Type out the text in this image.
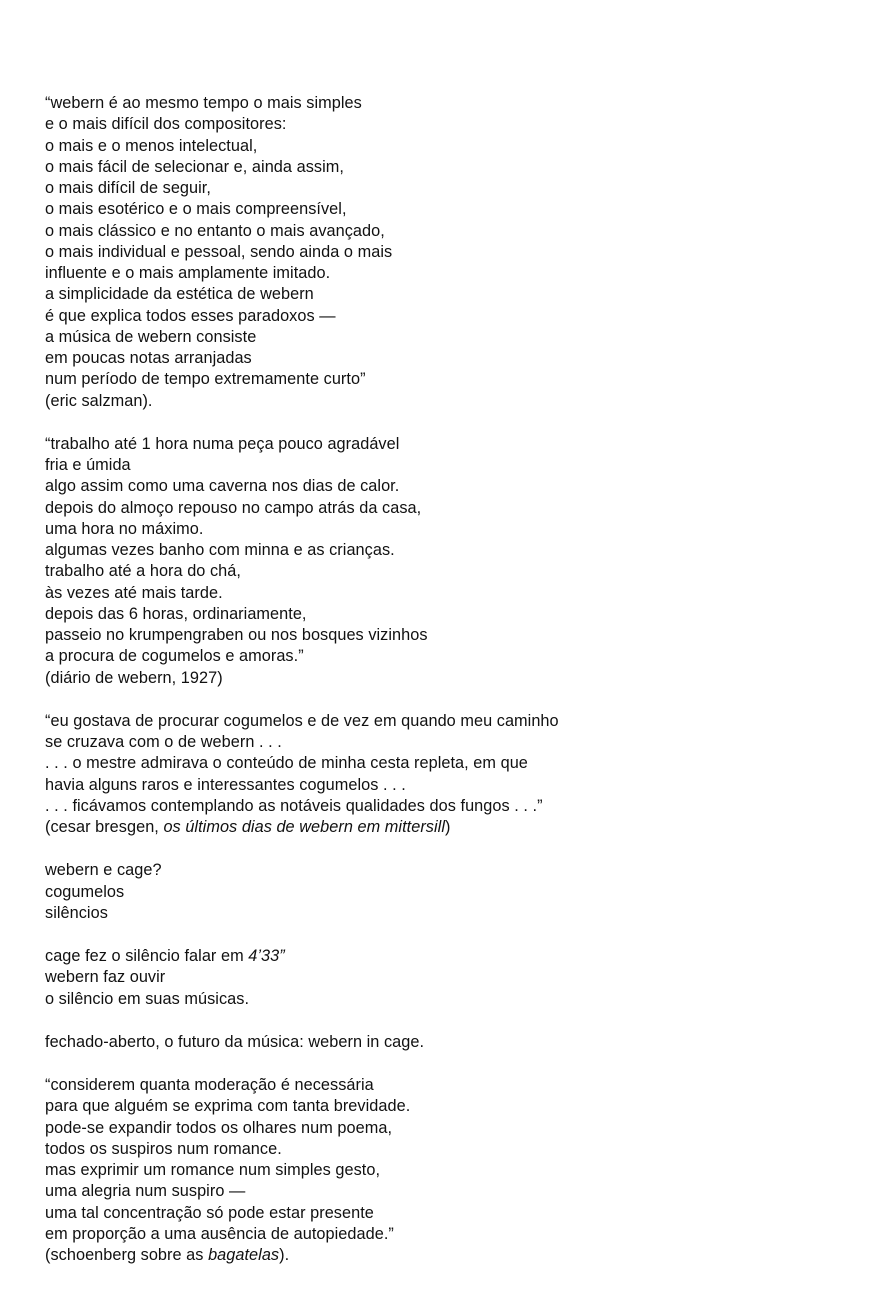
“webern é ao mesmo tempo o mais simples
e o mais difícil dos compositores:
o mais e o menos intelectual,
o mais fácil de selecionar e, ainda assim,
o mais difícil de seguir,
o mais esotérico e o mais compreensível,
o mais clássico e no entanto o mais avançado,
o mais individual e pessoal, sendo ainda o mais
influente e o mais amplamente imitado.
a simplicidade da estética de webern
é que explica todos esses paradoxos —
a música de webern consiste
em poucas notas arranjadas
num período de tempo extremamente curto”
(eric salzman).
“trabalho até 1 hora numa peça pouco agradável
fria e úmida
algo assim como uma caverna nos dias de calor.
depois do almoço repouso no campo atrás da casa,
uma hora no máximo.
algumas vezes banho com minna e as crianças.
trabalho até a hora do chá,
às vezes até mais tarde.
depois das 6 horas, ordinariamente,
passeio no krumpengraben ou nos bosques vizinhos
a procura de cogumelos e amoras.”
(diário de webern, 1927)
“eu gostava de procurar cogumelos e de vez em quando meu caminho
se cruzava com o de webern . . .
. . . o mestre admirava o conteúdo de minha cesta repleta, em que
havia alguns raros e interessantes cogumelos . . .
. . . ficávamos contemplando as notáveis qualidades dos fungos . . .”
(cesar bresgen, os últimos dias de webern em mittersill)
webern e cage?
cogumelos
silêncios
cage fez o silêncio falar em 4’33”
webern faz ouvir
o silêncio em suas músicas.
fechado-aberto, o futuro da música: webern in cage.
“considerem quanta moderação é necessária
para que alguém se exprima com tanta brevidade.
pode-se expandir todos os olhares num poema,
todos os suspiros num romance.
mas exprimir um romance num simples gesto,
uma alegria num suspiro —
uma tal concentração só pode estar presente
em proporção a uma ausência de autopiedade.”
(schoenberg sobre as bagatelas).
